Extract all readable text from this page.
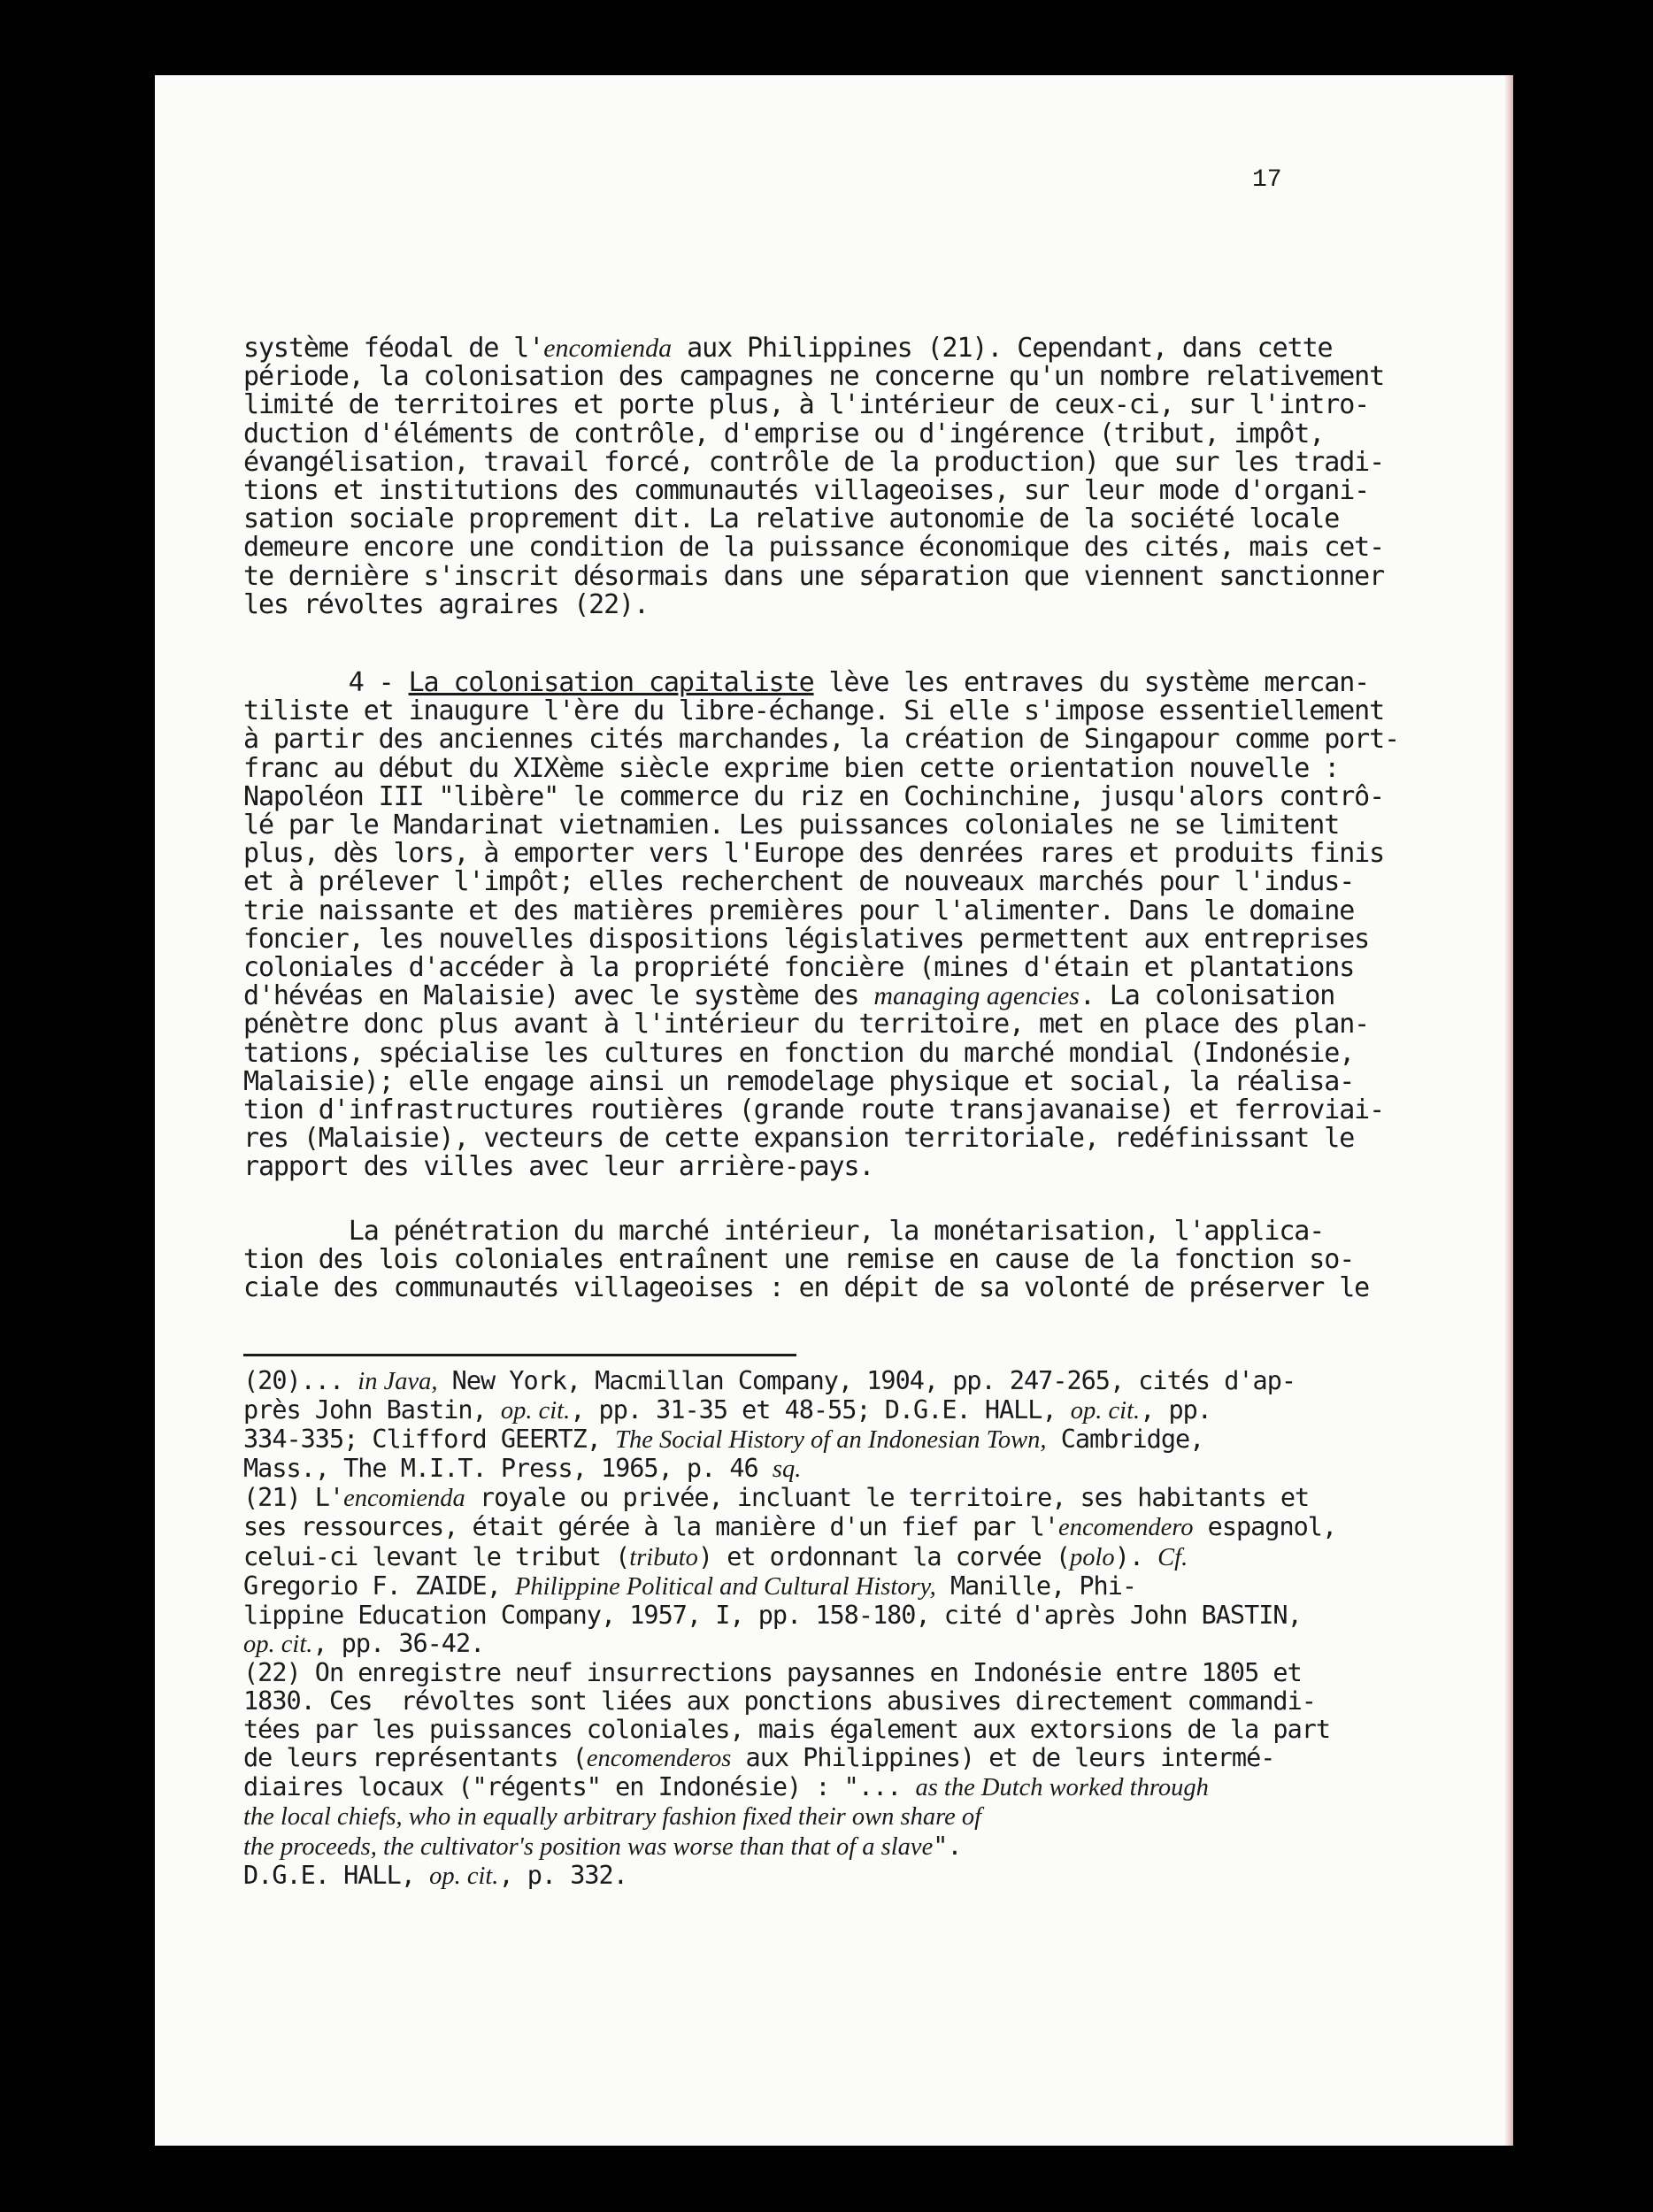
17
système féodal de l'encomienda aux Philippines (21). Cependant, dans cette
période, la colonisation des campagnes ne concerne qu'un nombre relativement
limité de territoires et porte plus, à l'intérieur de ceux-ci, sur l'intro-
duction d'éléments de contrôle, d'emprise ou d'ingérence (tribut, impôt,
évangélisation, travail forcé, contrôle de la production) que sur les tradi-
tions et institutions des communautés villageoises, sur leur mode d'organi-
sation sociale proprement dit. La relative autonomie de la société locale
demeure encore une condition de la puissance économique des cités, mais cet-
te dernière s'inscrit désormais dans une séparation que viennent sanctionner
les révoltes agraires (22).
4 - La colonisation capitaliste lève les entraves du système mercan-
tiliste et inaugure l'ère du libre-échange. Si elle s'impose essentiellement
à partir des anciennes cités marchandes, la création de Singapour comme port-
franc au début du XIXème siècle exprime bien cette orientation nouvelle :
Napoléon III "libère" le commerce du riz en Cochinchine, jusqu'alors contrô-
lé par le Mandarinat vietnamien. Les puissances coloniales ne se limitent
plus, dès lors, à emporter vers l'Europe des denrées rares et produits finis
et à prélever l'impôt; elles recherchent de nouveaux marchés pour l'indus-
trie naissante et des matières premières pour l'alimenter. Dans le domaine
foncier, les nouvelles dispositions législatives permettent aux entreprises
coloniales d'accéder à la propriété foncière (mines d'étain et plantations
d'hévéas en Malaisie) avec le système des managing agencies. La colonisation
pénètre donc plus avant à l'intérieur du territoire, met en place des plan-
tations, spécialise les cultures en fonction du marché mondial (Indonésie,
Malaisie); elle engage ainsi un remodelage physique et social, la réalisa-
tion d'infrastructures routières (grande route transjavanaise) et ferroviai-
res (Malaisie), vecteurs de cette expansion territoriale, redéfinissant le
rapport des villes avec leur arrière-pays.
La pénétration du marché intérieur, la monétarisation, l'applica-
tion des lois coloniales entraînent une remise en cause de la fonction so-
ciale des communautés villageoises : en dépit de sa volonté de préserver le
(20)... in Java, New York, Macmillan Company, 1904, pp. 247-265, cités d'ap-
près John Bastin, op. cit., pp. 31-35 et 48-55; D.G.E. HALL, op. cit., pp.
334-335; Clifford GEERTZ, The Social History of an Indonesian Town, Cambridge,
Mass., The M.I.T. Press, 1965, p. 46 sq.
(21) L'encomienda royale ou privée, incluant le territoire, ses habitants et
ses ressources, était gérée à la manière d'un fief par l'encomendero espagnol,
celui-ci levant le tribut (tributo) et ordonnant la corvée (polo). Cf.
Gregorio F. ZAIDE, Philippine Political and Cultural History, Manille, Phi-
lippine Education Company, 1957, I, pp. 158-180, cité d'après John BASTIN,
op. cit., pp. 36-42.
(22) On enregistre neuf insurrections paysannes en Indonésie entre 1805 et
1830. Ces  révoltes sont liées aux ponctions abusives directement commandi-
tées par les puissances coloniales, mais également aux extorsions de la part
de leurs représentants (encomenderos aux Philippines) et de leurs intermé-
diaires locaux ("régents" en Indonésie) : "... as the Dutch worked through
the local chiefs, who in equally arbitrary fashion fixed their own share of
the proceeds, the cultivator's position was worse than that of a slave".
D.G.E. HALL, op. cit., p. 332.
